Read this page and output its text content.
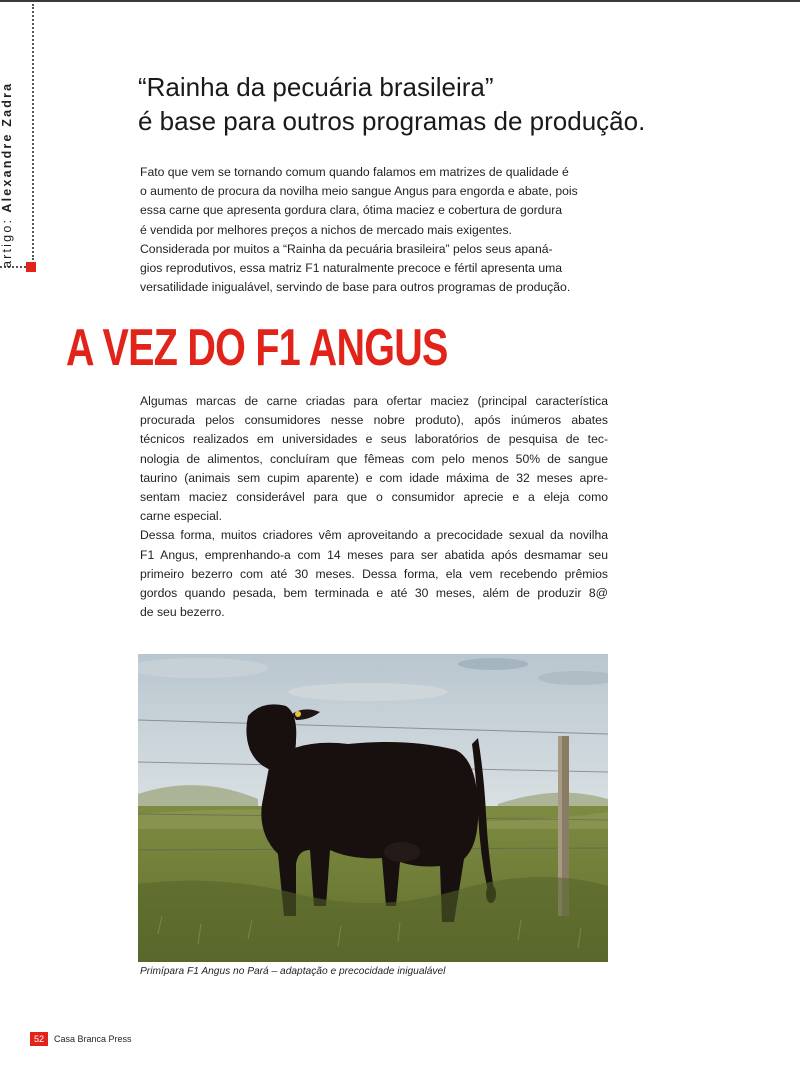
artigo: Alexandre Zadra	“Rainha da pecuária brasileira”
é base para outros programas de produção.
Fato que vem se tornando comum quando falamos em matrizes de qualidade é
o aumento de procura da novilha meio sangue Angus para engorda e abate, pois
essa carne que apresenta gordura clara, ótima maciez e cobertura de gordura
é vendida por melhores preços a nichos de mercado mais exigentes.
Considerada por muitos a “Rainha da pecuária brasileira” pelos seus apaná-
gios reprodutivos, essa matriz F1 naturalmente precoce e fértil apresenta uma
versatilidade inigualável, servindo de base para outros programas de produção.
A VEZ DO F1 ANGUS
Algumas marcas de carne criadas para ofertar maciez (principal característica
procurada pelos consumidores nesse nobre produto), após inúmeros abates
técnicos realizados em universidades e seus laboratórios de pesquisa de tec-
nologia de alimentos, concluíram que fêmeas com pelo menos 50% de sangue
taurino (animais sem cupim aparente) e com idade máxima de 32 meses apre-
sentam maciez considerável para que o consumidor aprecie e a eleja como
carne especial.
Dessa forma, muitos criadores vêm aproveitando a precocidade sexual da novilha
F1 Angus, emprenhando-a com 14 meses para ser abatida após desmamar seu
primeiro bezerro com até 30 meses. Dessa forma, ela vem recebendo prêmios
gordos quando pesada, bem terminada e até 30 meses, além de produzir 8@
de seu bezerro.
Primípara F1 Angus no Pará – adaptação e precocidade inigualável
52	Casa Branca Press
